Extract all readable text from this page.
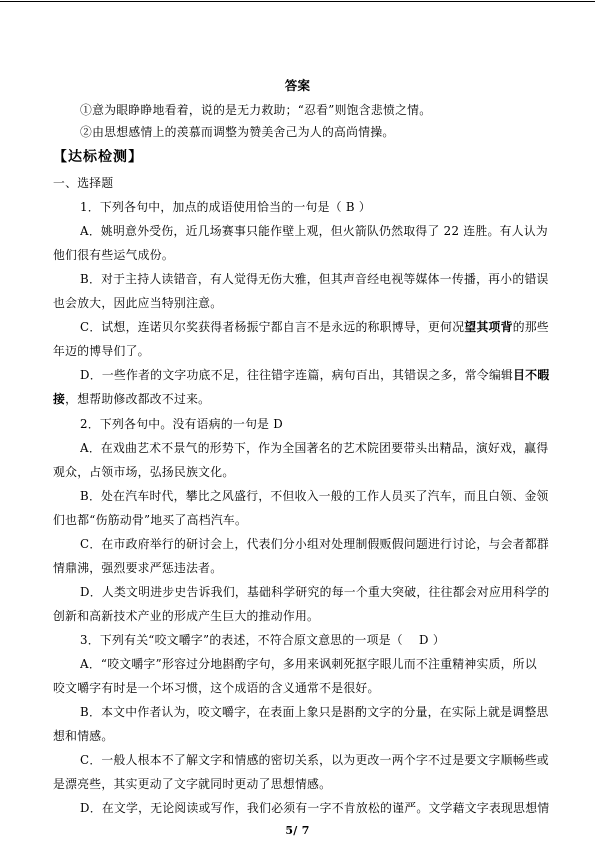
答案
①意为眼睁睁地看着，说的是无力救助；“忍看”则饱含悲愤之情。
②由思想感情上的羡慕而调整为赞美舍己为人的高尚情操。
【达标检测】
一、选择题
1．下列各句中，加点的成语使用恰当的一句是（ B ）
A．姚明意外受伤，近几场赛事只能作壁上观，但火箭队仍然取得了 22 连胜。有人认为
他们很有些运气成份。
B．对于主持人读错音，有人觉得无伤大雅，但其声音经电视等媒体一传播，再小的错误
也会放大，因此应当特别注意。
C．试想，连诺贝尔奖获得者杨振宁都自言不是永远的称职博导，更何况望其项背的那些
年迈的博导们了。
D．一些作者的文字功底不足，往往错字连篇，病句百出，其错误之多，常令编辑目不暇
接，想帮助修改都改不过来。
2．下列各句中。没有语病的一句是 D
A．在戏曲艺术不景气的形势下，作为全国著名的艺术院团要带头出精品，演好戏，赢得
观众，占领市场，弘扬民族文化。
B．处在汽车时代，攀比之风盛行，不但收入一般的工作人员买了汽车，而且白领、金领
们也都“伤筋动骨”地买了高档汽车。
C．在市政府举行的研讨会上，代表们分小组对处理制假贩假问题进行讨论，与会者都群
情鼎沸，强烈要求严惩违法者。
D．人类文明进步史告诉我们，基础科学研究的每一个重大突破，往往都会对应用科学的
创新和高新技术产业的形成产生巨大的推动作用。
3．下列有关“咬文嚼字”的表述，不符合原文意思的一项是（　 D ）
A．“咬文嚼字”形容过分地斟酌字句，多用来讽刺死抠字眼儿而不注重精神实质，所以
咬文嚼字有时是一个坏习惯，这个成语的含义通常不是很好。
B．本文中作者认为，咬文嚼字，在表面上象只是斟酌文字的分量，在实际上就是调整思
想和情感。
C．一般人根本不了解文字和情感的密切关系，以为更改一两个字不过是要文字顺畅些或
是漂亮些，其实更动了文字就同时更动了思想情感。
D．在文学，无论阅读或写作，我们必须有一字不肯放松的谨严。文学藉文字表现思想情
5/ 7
